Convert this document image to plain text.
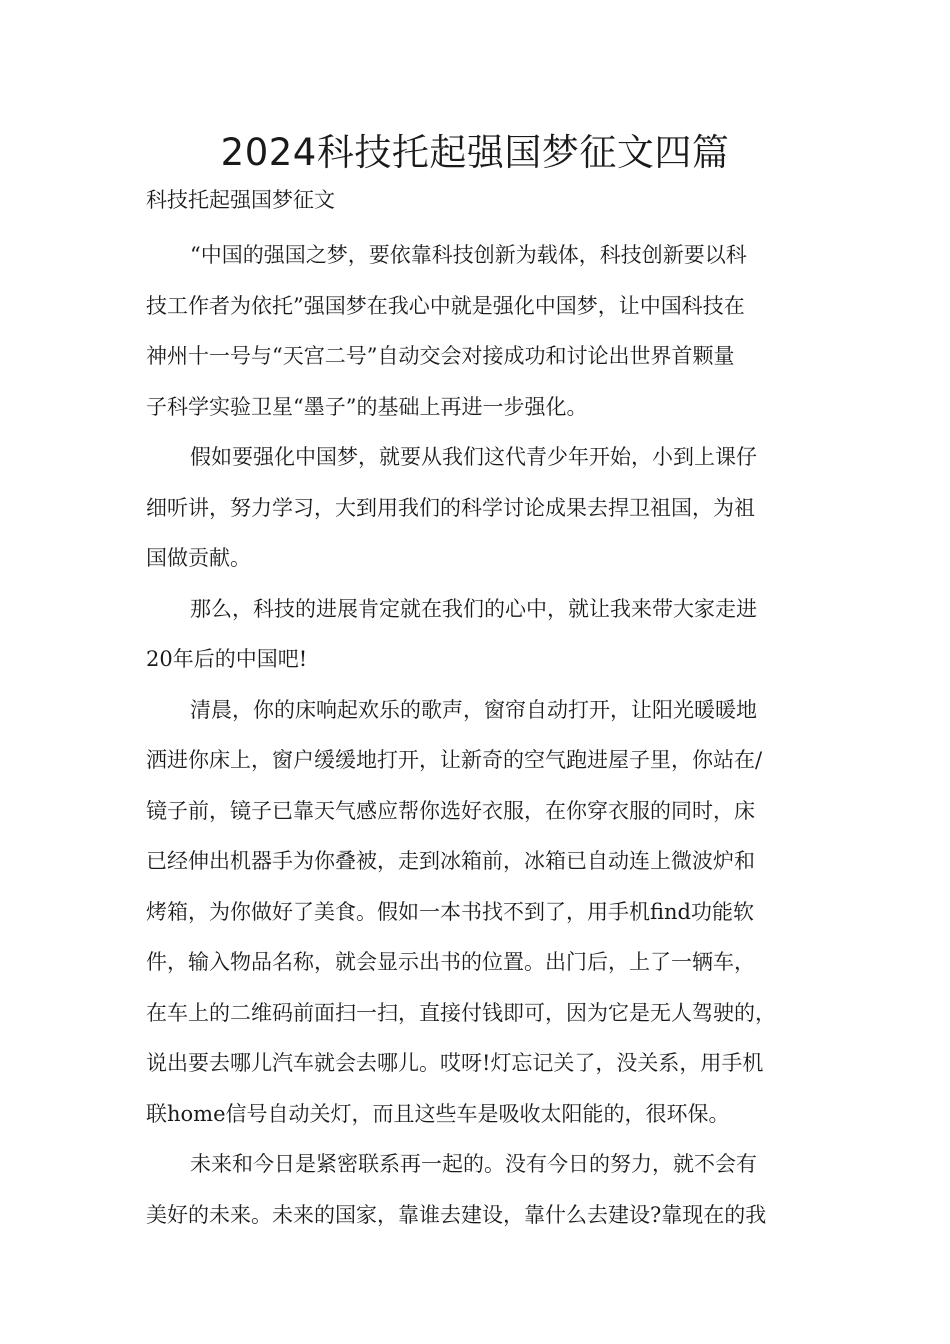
2024科技托起强国梦征文四篇

科技托起强国梦征文

“中国的强国之梦，要依靠科技创新为载体，科技创新要以科
技工作者为依托”强国梦在我心中就是强化中国梦，让中国科技在
神州十一号与“天宫二号”自动交会对接成功和讨论出世界首颗量
子科学实验卫星“墨子”的基础上再进一步强化。

假如要强化中国梦，就要从我们这代青少年开始，小到上课仔
细听讲，努力学习，大到用我们的科学讨论成果去捍卫祖国，为祖
国做贡献。

那么，科技的进展肯定就在我们的心中，就让我来带大家走进
20年后的中国吧!

清晨，你的床响起欢乐的歌声，窗帘自动打开，让阳光暖暖地
洒进你床上，窗户缓缓地打开，让新奇的空气跑进屋子里，你站在/
镜子前，镜子已靠天气感应帮你选好衣服，在你穿衣服的同时，床
已经伸出机器手为你叠被，走到冰箱前，冰箱已自动连上微波炉和
烤箱，为你做好了美食。假如一本书找不到了，用手机find功能软
件，输入物品名称，就会显示出书的位置。出门后，上了一辆车，
在车上的二维码前面扫一扫，直接付钱即可，因为它是无人驾驶的，
说出要去哪儿汽车就会去哪儿。哎呀!灯忘记关了，没关系，用手机
联home信号自动关灯，而且这些车是吸收太阳能的，很环保。

未来和今日是紧密联系再一起的。没有今日的努力，就不会有
美好的未来。未来的国家，靠谁去建设，靠什么去建设?靠现在的我
